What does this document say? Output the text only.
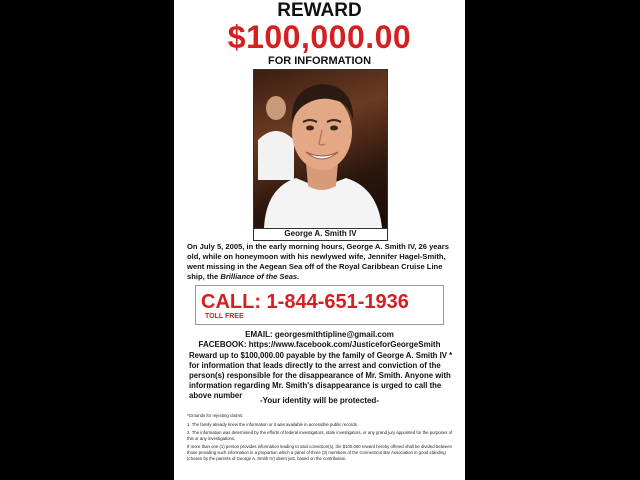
REWARD
$100,000.00
FOR INFORMATION
George A. Smith IV
On July 5, 2005, in the early morning hours, George A. Smith IV, 26 years old, while on honeymoon with his newlywed wife, Jennifer Hagel-Smith, went missing in the Aegean Sea off of the Royal Caribbean Cruise Line ship, the Brilliance of the Seas.
CALL: 1-844-651-1936
TOLL FREE
EMAIL: georgesmithtipline@gmail.com
FACEBOOK: https://www.facebook.com/JusticeforGeorgeSmith
Reward up to $100,000.00 payable by the family of George A. Smith IV * for information that leads directly to the arrest and conviction of the person(s) responsible for the disappearance of Mr. Smith. Anyone with information regarding Mr. Smith's disappearance is urged to call the above number
-Your identity will be protected-

*Grounds for rejecting claims:

1. The family already knew the information or it was available in accessible public records.

2. The information was determined by the efforts of federal investigators, state investigators, or any grand jury appointed for the purposes of this or any investigations.

If more than one (1) person provides information leading to said conviction(s), the $100,000 reward hereby offered shall be divided between those providing such information in a proportion which a panel of three (3) members of the Connecticut Bar Association in good standing (chosen by the parents of George A. Smith IV) deem just, based on the contribution.
